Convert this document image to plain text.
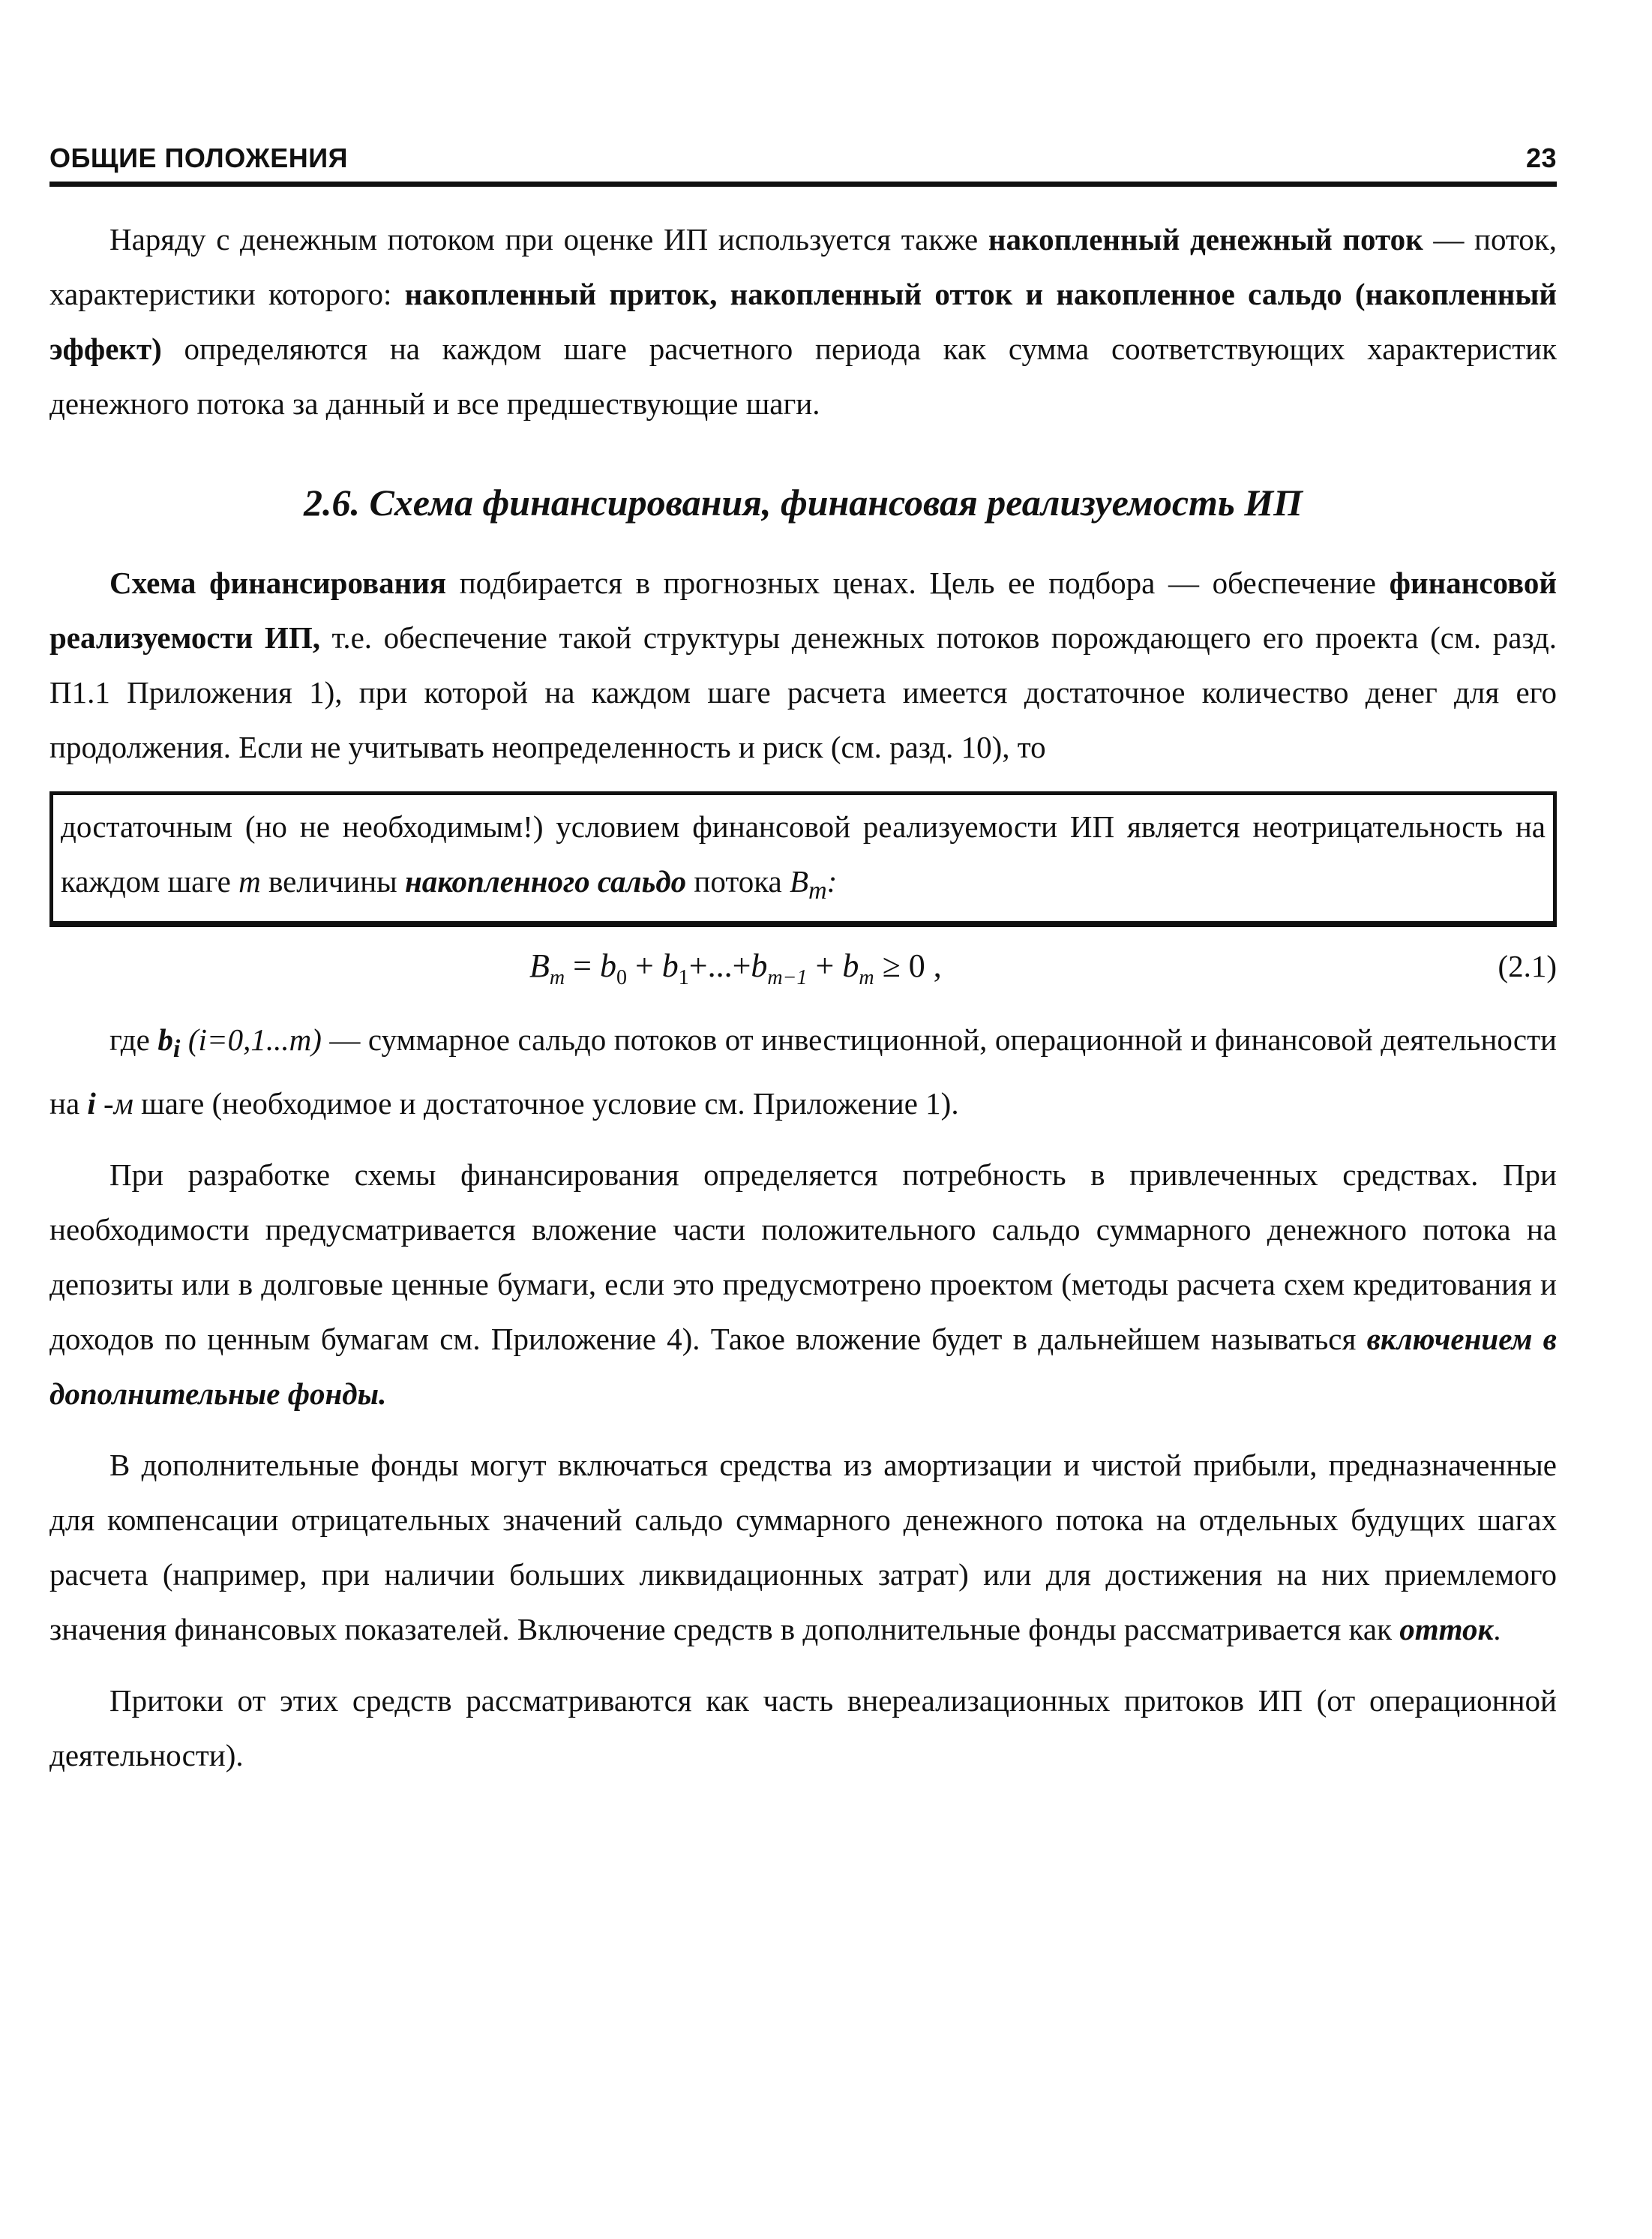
ОБЩИЕ ПОЛОЖЕНИЯ	23

Наряду с денежным потоком при оценке ИП используется также накопленный денежный поток — поток, характеристики которого: накопленный приток, накопленный отток и накопленное сальдо (накопленный эффект) определяются на каждом шаге расчетного периода как сумма соответствующих характеристик денежного потока за данный и все предшествующие шаги.

2.6. Схема финансирования, финансовая реализуемость ИП

Схема финансирования подбирается в прогнозных ценах. Цель ее подбора — обеспечение финансовой реализуемости ИП, т.е. обеспечение такой структуры денежных потоков порождающего его проекта (см. разд. П1.1 Приложения 1), при которой на каждом шаге расчета имеется достаточное количество денег для его продолжения. Если не учитывать неопределенность и риск (см. разд. 10), то

достаточным (но не необходимым!) условием финансовой реализуемости ИП является неотрицательность на каждом шаге m величины накопленного сальдо потока $B_m$:

$B_m = b_0 + b_1+...+b_{m-1} + b_m \ge 0$ ,	(2.1)

где $b_i$ (i=0,1...m) — суммарное сальдо потоков от инвестиционной, операционной и финансовой деятельности на i -м шаге (необходимое и достаточное условие см. Приложение 1).

При разработке схемы финансирования определяется потребность в привлеченных средствах. При необходимости предусматривается вложение части положительного сальдо суммарного денежного потока на депозиты или в долговые ценные бумаги, если это предусмотрено проектом (методы расчета схем кредитования и доходов по ценным бумагам см. Приложение 4). Такое вложение будет в дальнейшем называться включением в дополнительные фонды.

В дополнительные фонды могут включаться средства из амортизации и чистой прибыли, предназначенные для компенсации отрицательных значений сальдо суммарного денежного потока на отдельных будущих шагах расчета (например, при наличии больших ликвидационных затрат) или для достижения на них приемлемого значения финансовых показателей. Включение средств в дополнительные фонды рассматривается как отток.

Притоки от этих средств рассматриваются как часть внереализационных притоков ИП (от операционной деятельности).
